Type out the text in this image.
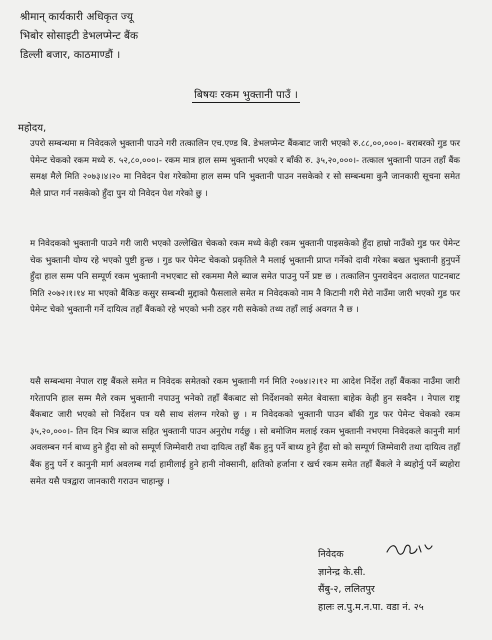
श्रीमान् कार्यकारी अधिकृत ज्यू
भिबोर सोसाइटी डेभलप्मेन्ट बैंक
डिल्ली बजार, काठमाण्डौं ।
बिषयः रकम भुक्तानी पाउँ ।
महोदय,
उपरो सम्बन्धमा म निवेदकले भुक्तानी पाउने गरी तत्कालिन एच.एण्ड बि. डेभलप्मेन्ट बैंकबाट जारी भएको रु.८८,००,०००।- बराबरको गुड फर पेमेन्ट चेकको रकम मध्ये रु. ५२,८०,०००।- रकम मात्र हाल सम्म भुक्तानी भएको र बाँकी रु. ३५,२०,०००।- तत्काल भुक्तानी पाउन तहाँ बैंक समक्ष मैले मिति २०७३।४।२० मा निवेदन पेश गरेकोमा हाल सम्म पनि भुक्तानी पाउन नसकेको र सो सम्बन्धमा कुनै जानकारी सूचना समेत मैले प्राप्त गर्न नसकेको हुँदा पुन यो निवेदन पेश गरेको छु ।
म निवेदकको भुक्तानी पाउने गरी जारी भएको उल्लेखित चेकको रकम मध्ये केही रकम भुक्तानी पाइसकेको हुँदा हाम्रो नाउँको गुड फर पेमेन्ट चेक भुक्तानी योग्य रहे भएको पुष्टी हुन्छ । गुड फर पेमेन्ट चेकको प्रकृतिले नै मलाई भुक्तानी प्राप्त गर्नेको दावी गरेका बखत भुक्तानी हुनुपर्ने हुँदा हाल सम्म पनि सम्पूर्ण रकम भुक्तानी नभएबाट सो रकममा मैले ब्याज समेत पाउनु पर्ने प्रष्ट छ । तत्कालिन पुनरावेदन अदालत पाटनबाट मिति २०७२।१।१४ मा भएको बैंकिङ कसुर सम्बन्धी मुद्दाको फैसलाले समेत म निवेदकको नाम नै किटानी गरी मेरो नाउँमा जारी भएको गुड फर पेमेन्ट चेको भुक्तानी गर्ने दायित्व तहाँ बैंकको रहे भएको भनी ठहर गरी सकेको तथ्य तहाँ लाई अवगत नै छ ।
यसै सम्बन्धमा नेपाल राष्ट्र बैंकले समेत म निवेदक समेतको रकम भुक्तानी गर्न मिति २०७४।२।१२ मा आदेश निर्देश तहाँ बैंकका नाउँमा जारी गरेतापनि हाल सम्म मैले रकम भुक्तानी नपाउनु भनेको तहाँ बैंकबाट सो निर्देशनको समेत बेवास्ता बाहेक केही हुन सक्दैन । नेपाल राष्ट्र बैंकबाट जारी भएको सो निर्देशन पत्र यसै साथ संलग्न गरेको छु । म निवेदकको भुक्तानी पाउन बाँकी गुड फर पेमेन्ट चेकको रकम ३५,२०,०००।- तिन दिन भित्र ब्याज सहित भुक्तानी पाउन अनुरोध गर्दछु । सो बमोजिम मलाई रकम भुक्तानी नभएमा निवेदकले कानुनी मार्ग अवलम्बन गर्न बाध्य हुने हुँदा सो को सम्पूर्ण जिम्मेवारी तथा दायित्व तहाँ बैंक हुनु पर्ने बाध्य हुने हुँदा सो को सम्पूर्ण जिम्मेवारी तथा दायित्व तहाँ बैंक हुनु पर्ने र कानुनी मार्ग अवलम्ब गर्दा हामीलाई हुने हानी नोक्सानी, क्षतिको हर्जाना र खर्च रकम समेत तहाँ बैंकले ने ब्यहोर्नु पर्ने ब्यहोरा समेत यसै पत्रद्वारा जानकारी गराउन चाहान्छु ।
निवेदक
ज्ञानेन्द्र के.सी.
सैंबु-२, ललितपुर
हालः ल.पु.म.न.पा. वडा नं. २५
